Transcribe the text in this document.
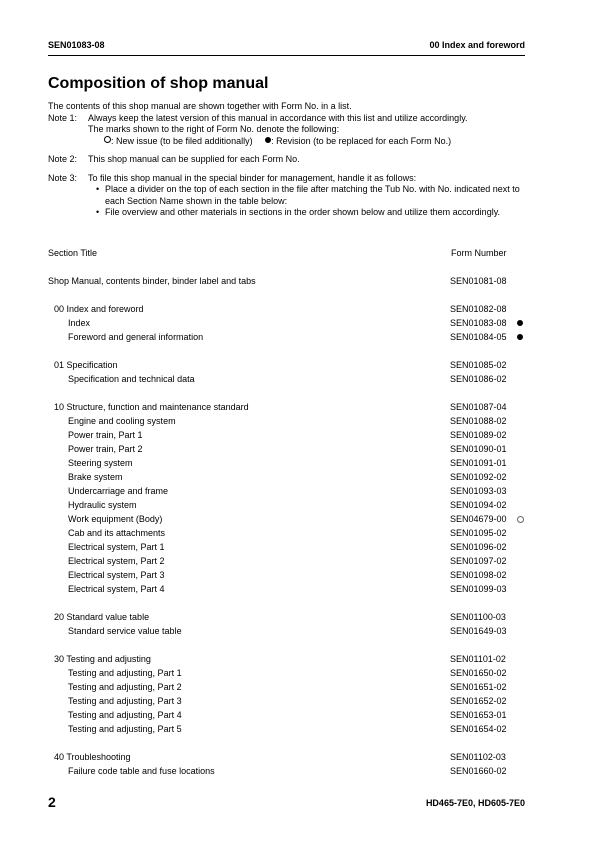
SEN01083-08	00 Index and foreword
Composition of shop manual
The contents of this shop manual are shown together with Form No. in a list.
Note 1: Always keep the latest version of this manual in accordance with this list and utilize accordingly.
The marks shown to the right of Form No. denote the following:
: New issue (to be filed additionally) : Revision (to be replaced for each Form No.)
Note 2: This shop manual can be supplied for each Form No.
Note 3: To file this shop manual in the special binder for management, handle it as follows:
• Place a divider on the top of each section in the file after matching the Tub No. with No. indicated next to each Section Name shown in the table below:
• File overview and other materials in sections in the order shown below and utilize them accordingly.
Section Title	Form Number
Shop Manual, contents binder, binder label and tabs	SEN01081-08
00 Index and foreword	SEN01082-08
Index	SEN01083-08
Foreword and general information	SEN01084-05
01 Specification	SEN01085-02
Specification and technical data	SEN01086-02
10 Structure, function and maintenance standard	SEN01087-04
Engine and cooling system	SEN01088-02
Power train, Part 1	SEN01089-02
Power train, Part 2	SEN01090-01
Steering system	SEN01091-01
Brake system	SEN01092-02
Undercarriage and frame	SEN01093-03
Hydraulic system	SEN01094-02
Work equipment (Body)	SEN04679-00
Cab and its attachments	SEN01095-02
Electrical system, Part 1	SEN01096-02
Electrical system, Part 2	SEN01097-02
Electrical system, Part 3	SEN01098-02
Electrical system, Part 4	SEN01099-03
20 Standard value table	SEN01100-03
Standard service value table	SEN01649-03
30 Testing and adjusting	SEN01101-02
Testing and adjusting, Part 1	SEN01650-02
Testing and adjusting, Part 2	SEN01651-02
Testing and adjusting, Part 3	SEN01652-02
Testing and adjusting, Part 4	SEN01653-01
Testing and adjusting, Part 5	SEN01654-02
40 Troubleshooting	SEN01102-03
Failure code table and fuse locations	SEN01660-02
2	HD465-7E0, HD605-7E0
